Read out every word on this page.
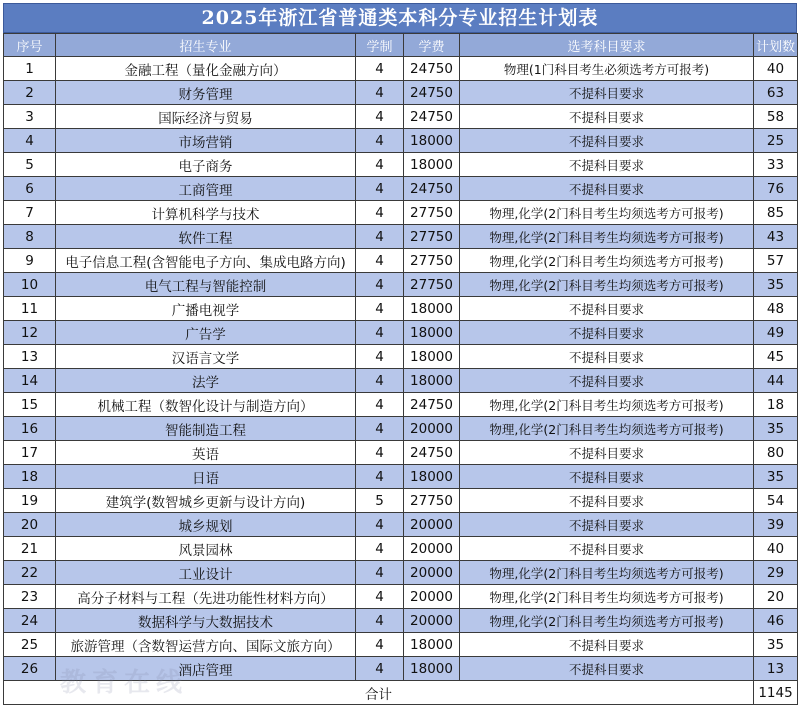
2025年浙江省普通类本科分专业招生计划表
序号	招生专业	学制	学费	选考科目要求	计划数
1	金融工程（量化金融方向）	4	24750	物理(1门科目考生必须选考方可报考)	40
2	财务管理	4	24750	不提科目要求	63
3	国际经济与贸易	4	24750	不提科目要求	58
4	市场营销	4	18000	不提科目要求	25
5	电子商务	4	18000	不提科目要求	33
6	工商管理	4	24750	不提科目要求	76
7	计算机科学与技术	4	27750	物理,化学(2门科目考生均须选考方可报考)	85
8	软件工程	4	27750	物理,化学(2门科目考生均须选考方可报考)	43
9	电子信息工程(含智能电子方向、集成电路方向)	4	27750	物理,化学(2门科目考生均须选考方可报考)	57
10	电气工程与智能控制	4	27750	物理,化学(2门科目考生均须选考方可报考)	35
11	广播电视学	4	18000	不提科目要求	48
12	广告学	4	18000	不提科目要求	49
13	汉语言文学	4	18000	不提科目要求	45
14	法学	4	18000	不提科目要求	44
15	机械工程（数智化设计与制造方向）	4	24750	物理,化学(2门科目考生均须选考方可报考)	18
16	智能制造工程	4	20000	物理,化学(2门科目考生均须选考方可报考)	35
17	英语	4	24750	不提科目要求	80
18	日语	4	18000	不提科目要求	35
19	建筑学(数智城乡更新与设计方向)	5	27750	不提科目要求	54
20	城乡规划	4	20000	不提科目要求	39
21	风景园林	4	20000	不提科目要求	40
22	工业设计	4	20000	物理,化学(2门科目考生均须选考方可报考)	29
23	高分子材料与工程（先进功能性材料方向）	4	20000	物理,化学(2门科目考生均须选考方可报考)	20
24	数据科学与大数据技术	4	20000	物理,化学(2门科目考生均须选考方可报考)	46
25	旅游管理（含数智运营方向、国际文旅方向）	4	18000	不提科目要求	35
26	酒店管理	4	18000	不提科目要求	13
合计					1145
